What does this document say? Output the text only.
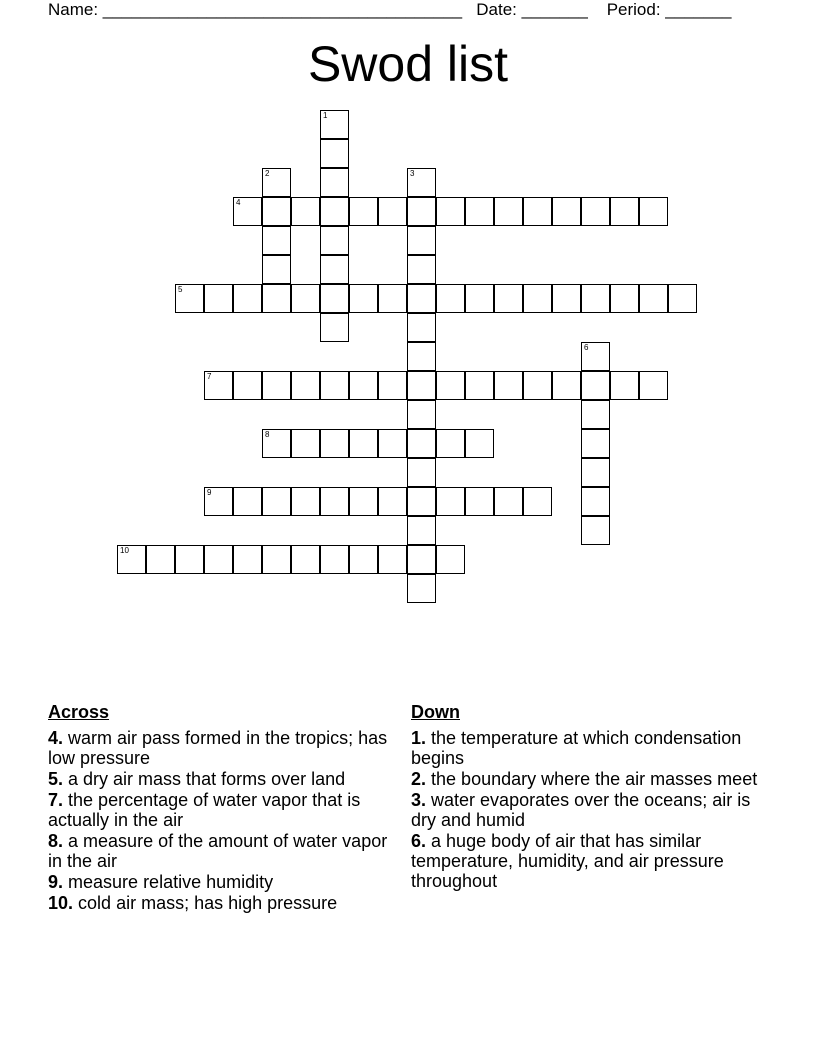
Name: ______________________________________ Date: _______ Period: _______
Swod list
1
2	3
4
5
6
7
8
9
10
Across
4. warm air pass formed in the tropics; has low pressure
5. a dry air mass that forms over land
7. the percentage of water vapor that is actually in the air
8. a measure of the amount of water vapor in the air
9. measure relative humidity
10. cold air mass; has high pressure
Down
1. the temperature at which condensation begins
2. the boundary where the air masses meet
3. water evaporates over the oceans; air is dry and humid
6. a huge body of air that has similar temperature, humidity, and air pressure throughout
